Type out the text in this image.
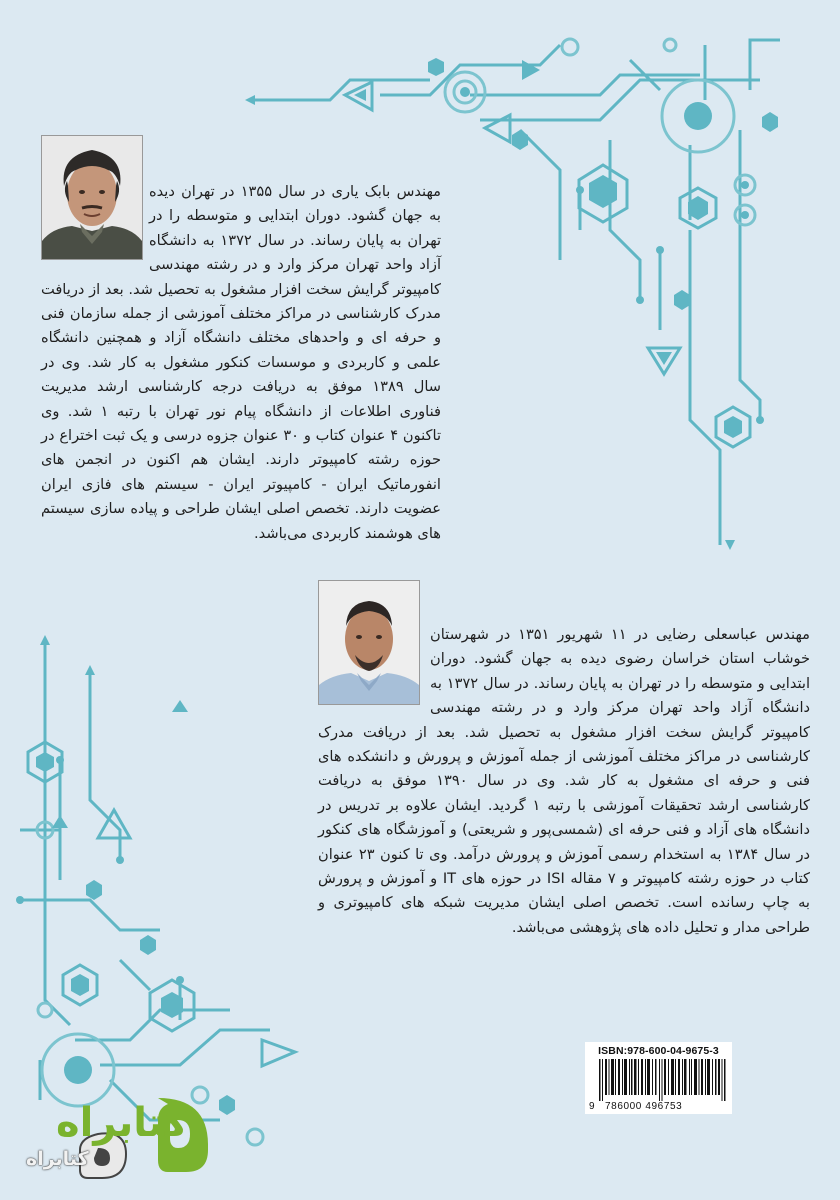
مهندس عباسعلی رضایی در ۱۱ شهریور ۱۳۵۱ در شهرستان خوشاب استان خراسان رضوی دیده به جهان گشود. دوران ابتدایی و متوسطه را در تهران به پایان رساند. در سال ۱۳۷۲ به دانشگاه آزاد واحد تهران مرکز وارد و در رشته مهندسی کامپیوتر گرایش سخت افزار مشغول به تحصیل شد. بعد از دریافت مدرک کارشناسی در مراکز مختلف آموزشی از جمله آموزش و پرورش و دانشکده های فنی و حرفه ای مشغول به کار شد. وی در سال ۱۳۹۰ موفق به دریافت کارشناسی ارشد تحقیقات آموزشی با رتبه ۱ گردید. ایشان علاوه بر تدریس در دانشگاه های آزاد و فنی حرفه ای (شمسی‌پور و شریعتی) و آموزشگاه های کنکور در سال ۱۳۸۴ به استخدام رسمی آموزش و پرورش درآمد. وی تا کنون ۲۳ عنوان کتاب در حوزه رشته کامپیوتر و ۷ مقاله ISI در حوزه های IT و آموزش و پرورش به چاپ رسانده است. تخصص اصلی ایشان مدیریت شبکه های کامپیوتری و طراحی مدار و تحلیل داده های پژوهشی می‌باشد.
مهندس بابک یاری در سال ۱۳۵۵ در تهران دیده به جهان گشود. دوران ابتدایی و متوسطه را در تهران به پایان رساند. در سال ۱۳۷۲ به دانشگاه آزاد واحد تهران مرکز وارد و در رشته مهندسی کامپیوتر گرایش سخت افزار مشغول به تحصیل شد. بعد از دریافت مدرک کارشناسی در مراکز مختلف آموزشی از جمله سازمان فنی و حرفه ای و واحدهای مختلف دانشگاه آزاد و همچنین دانشگاه علمی و کاربردی و موسسات کنکور مشغول به کار شد. وی در سال ۱۳۸۹ موفق به دریافت درجه کارشناسی ارشد مدیریت فناوری اطلاعات از دانشگاه پیام نور تهران با رتبه ۱ شد. وی تاکنون ۴ عنوان کتاب و ۳۰ عنوان جزوه درسی و یک ثبت اختراع در حوزه رشته کامپیوتر دارند. ایشان هم اکنون در انجمن های انفورماتیک ایران - کامپیوتر ایران - سیستم های فازی ایران عضویت دارند. تخصص اصلی ایشان طراحی و پیاده سازی سیستم های هوشمند کاربردی می‌باشد.
ISBN:978-600-04-9675-3
9 786000 496753
کتابراه
کتابراه
